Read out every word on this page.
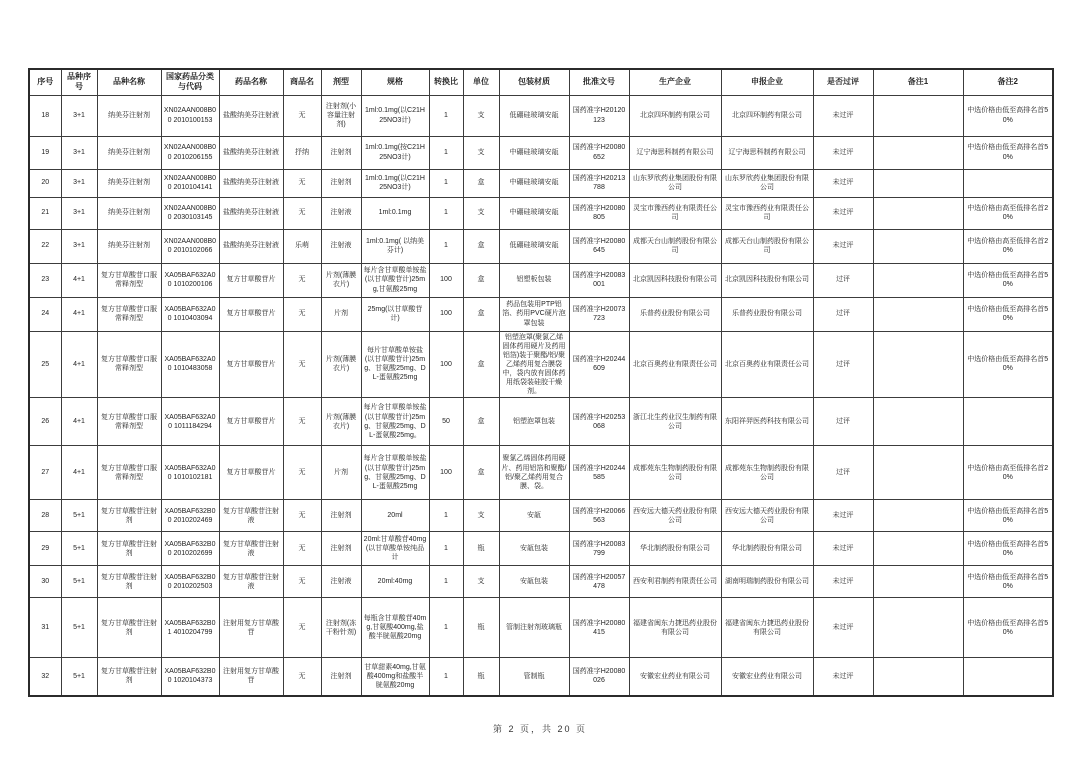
序号	品种序号	品种名称	国家药品分类与代码	药品名称	商品名	剂型	规格	转换比	单位	包装材质	批准文号	生产企业	申报企业	是否过评	备注1	备注2
18	3+1	纳美芬注射剂	XN02AAN008B00 2010100153	盐酸纳美芬注射液	无	注射剂(小容量注射剂)	1ml:0.1mg(以C21H25NO3计)	1	支	低硼硅玻璃安瓿	国药准字H20120123	北京四环制药有限公司	北京四环制药有限公司	未过评		中选价格由低至高排名首50%
19	3+1	纳美芬注射剂	XN02AAN008B00 2010206155	盐酸纳美芬注射液	抒纳	注射剂	1ml:0.1mg(按C21H25NO3计)	1	支	中硼硅玻璃安瓿	国药准字H20080652	辽宁海思科制药有限公司	辽宁海思科制药有限公司	未过评		中选价格由低至高排名首50%
20	3+1	纳美芬注射剂	XN02AAN008B00 2010104141	盐酸纳美芬注射液	无	注射剂	1ml:0.1mg(以C21H25NO3计)	1	盒	中硼硅玻璃安瓿	国药准字H20213788	山东罗欣药业集团股份有限公司	山东罗欣药业集团股份有限公司	未过评		
21	3+1	纳美芬注射剂	XN02AAN008B00 2030103145	盐酸纳美芬注射液	无	注射液	1ml:0.1mg	1	支	中硼硅玻璃安瓿	国药准字H20080805	灵宝市豫西药业有限责任公司	灵宝市豫西药业有限责任公司	未过评		中选价格由高至低排名首20%
22	3+1	纳美芬注射剂	XN02AAN008B00 2010102066	盐酸纳美芬注射液	乐萌	注射液	1ml:0.1mg( 以纳美芬计)	1	盒	低硼硅玻璃安瓿	国药准字H20080645	成都天台山制药股份有限公司	成都天台山制药股份有限公司	未过评		中选价格由高至低排名首20%
23	4+1	复方甘草酸苷口服常释剂型	XA05BAF632A00 1010200106	复方甘草酸苷片	无	片剂(薄膜衣片)	每片含甘草酸单铵盐(以甘草酸苷计)25mg,甘氨酸25mg	100	盒	铝塑板包装	国药准字H20083001	北京凯因科技股份有限公司	北京凯因科技股份有限公司	过评		中选价格由低至高排名首50%
24	4+1	复方甘草酸苷口服常释剂型	XA05BAF632A00 1010403094	复方甘草酸苷片	无	片剂	25mg(以甘草酸苷计)	100	盒	药品包装用PTP铝箔、药用PVC硬片泡罩包装	国药准字H20073723	乐普药业股份有限公司	乐普药业股份有限公司	过评		中选价格由低至高排名首50%
25	4+1	复方甘草酸苷口服常释剂型	XA05BAF632A00 1010483058	复方甘草酸苷片	无	片剂(薄膜衣片)	每片甘草酸单铵盐(以甘草酸苷计)25mg、甘氨酸25mg、DL-蛋氨酸25mg	100	盒	铝塑泡罩(聚氯乙烯固体药用硬片及药用铝箔)装于聚酯/铝/聚乙烯药用复合膜袋中，袋内放有固体药用纸袋装硅胶干燥剂。	国药准字H20244609	北京百奥药业有限责任公司	北京百奥药业有限责任公司	过评		中选价格由低至高排名首50%
26	4+1	复方甘草酸苷口服常释剂型	XA05BAF632A00 1011184294	复方甘草酸苷片	无	片剂(薄膜衣片)	每片含甘草酸单铵盐(以甘草酸苷计)25mg、甘氨酸25mg、DL-蛋氨酸25mg。	50	盒	铝塑泡罩包装	国药准字H20253068	浙江北生药业汉生制药有限公司	东阳祥羿医药科技有限公司	过评		
27	4+1	复方甘草酸苷口服常释剂型	XA05BAF632A00 1010102181	复方甘草酸苷片	无	片剂	每片含甘草酸单铵盐(以甘草酸苷计)25mg、甘氨酸25mg、DL-蛋氨酸25mg	100	盒	聚氯乙烯固体药用硬片、药用铝箔和聚酯/铝/聚乙烯药用复合膜、袋。	国药准字H20244585	成都苑东生物制药股份有限公司	成都苑东生物制药股份有限公司	过评		中选价格由高至低排名首20%
28	5+1	复方甘草酸苷注射剂	XA05BAF632B00 2010202469	复方甘草酸苷注射液	无	注射剂	20ml	1	支	安瓿	国药准字H20066563	西安远大德天药业股份有限公司	西安远大德天药业股份有限公司	未过评		中选价格由低至高排名首50%
29	5+1	复方甘草酸苷注射剂	XA05BAF632B00 2010202699	复方甘草酸苷注射液	无	注射剂	20ml:甘草酸苷40mg(以甘草酸单铵纯品计	1	瓶	安瓿包装	国药准字H20083799	华北制药股份有限公司	华北制药股份有限公司	未过评		中选价格由低至高排名首50%
30	5+1	复方甘草酸苷注射剂	XA05BAF632B00 2010202503	复方甘草酸苷注射液	无	注射液	20ml:40mg	1	支	安瓿包装	国药准字H20057478	西安利君制药有限责任公司	湖南明瑞制药股份有限公司	未过评		中选价格由低至高排名首50%
31	5+1	复方甘草酸苷注射剂	XA05BAF632B01 4010204799	注射用复方甘草酸苷	无	注射剂(冻干粉针剂)	每瓶含甘草酸苷40mg,甘氨酸400mg,盐酸半胱氨酸20mg	1	瓶	管制注射剂玻璃瓶	国药准字H20080415	福建省闽东力捷迅药业股份有限公司	福建省闽东力捷迅药业股份有限公司	未过评		中选价格由低至高排名首50%
32	5+1	复方甘草酸苷注射剂	XA05BAF632B00 1020104373	注射用复方甘草酸苷	无	注射剂	甘草甜素40mg,甘氨酸400mg和盐酸半胱氨酸20mg	1	瓶	管制瓶	国药准字H20080026	安徽宏业药业有限公司	安徽宏业药业有限公司	未过评		
第 2 页，共 20 页
